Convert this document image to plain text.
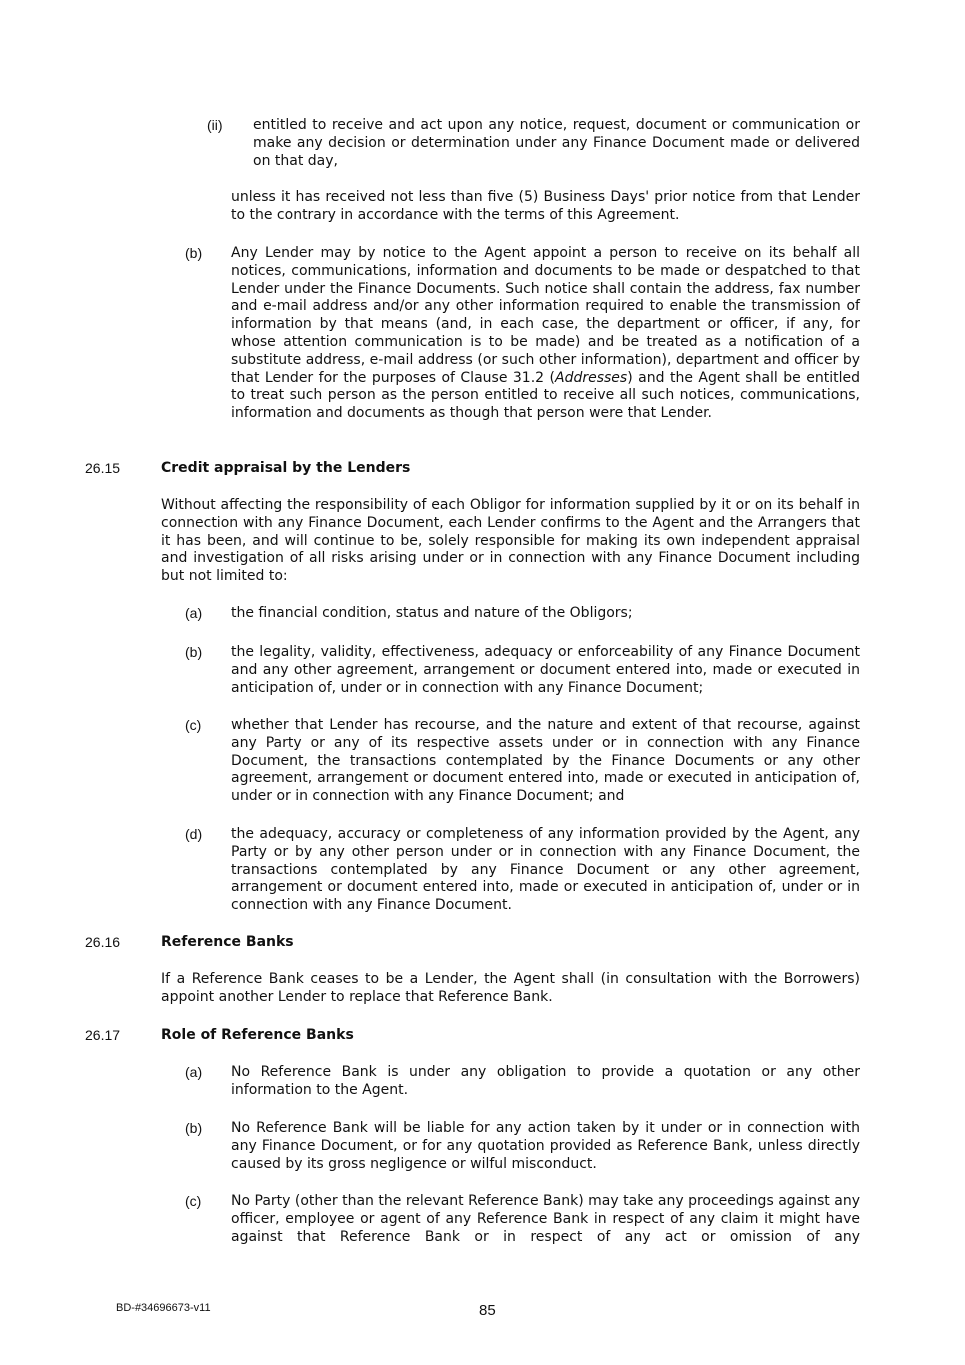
(ii) entitled to receive and act upon any notice, request, document or communication or make any decision or determination under any Finance Document made or delivered on that day,

unless it has received not less than five (5) Business Days' prior notice from that Lender to the contrary in accordance with the terms of this Agreement.

(b) Any Lender may by notice to the Agent appoint a person to receive on its behalf all notices, communications, information and documents to be made or despatched to that Lender under the Finance Documents. Such notice shall contain the address, fax number and e-mail address and/or any other information required to enable the transmission of information by that means (and, in each case, the department or officer, if any, for whose attention communication is to be made) and be treated as a notification of a substitute address, e-mail address (or such other information), department and officer by that Lender for the purposes of Clause 31.2 (Addresses) and the Agent shall be entitled to treat such person as the person entitled to receive all such notices, communications, information and documents as though that person were that Lender.

26.15	Credit appraisal by the Lenders

Without affecting the responsibility of each Obligor for information supplied by it or on its behalf in connection with any Finance Document, each Lender confirms to the Agent and the Arrangers that it has been, and will continue to be, solely responsible for making its own independent appraisal and investigation of all risks arising under or in connection with any Finance Document including but not limited to:

(a) the financial condition, status and nature of the Obligors;

(b) the legality, validity, effectiveness, adequacy or enforceability of any Finance Document and any other agreement, arrangement or document entered into, made or executed in anticipation of, under or in connection with any Finance Document;

(c) whether that Lender has recourse, and the nature and extent of that recourse, against any Party or any of its respective assets under or in connection with any Finance Document, the transactions contemplated by the Finance Documents or any other agreement, arrangement or document entered into, made or executed in anticipation of, under or in connection with any Finance Document; and

(d) the adequacy, accuracy or completeness of any information provided by the Agent, any Party or by any other person under or in connection with any Finance Document, the transactions contemplated by any Finance Document or any other agreement, arrangement or document entered into, made or executed in anticipation of, under or in connection with any Finance Document.

26.16	Reference Banks

If a Reference Bank ceases to be a Lender, the Agent shall (in consultation with the Borrowers) appoint another Lender to replace that Reference Bank.

26.17	Role of Reference Banks
(a) No Reference Bank is under any obligation to provide a quotation or any other information to the Agent.

(b) No Reference Bank will be liable for any action taken by it under or in connection with any Finance Document, or for any quotation provided as Reference Bank, unless directly caused by its gross negligence or wilful misconduct.

(c) No Party (other than the relevant Reference Bank) may take any proceedings against any officer, employee or agent of any Reference Bank in respect of any claim it might have against that Reference Bank or in respect of any act or omission of any

BD-#34696673-v11	85
